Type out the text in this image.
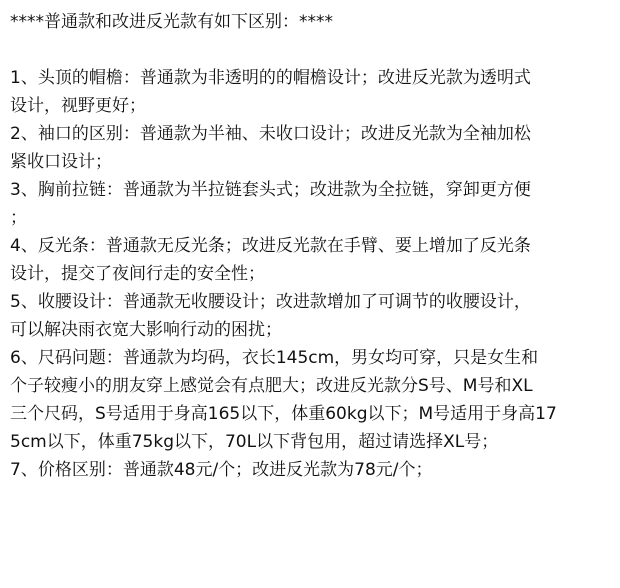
****普通款和改进反光款有如下区别：****
1、头顶的帽檐：普通款为非透明的的帽檐设计；改进反光款为透明式
设计，视野更好；
2、袖口的区别：普通款为半袖、未收口设计；改进反光款为全袖加松
紧收口设计；
3、胸前拉链：普通款为半拉链套头式；改进款为全拉链，穿卸更方便
；
4、反光条：普通款无反光条；改进反光款在手臂、要上增加了反光条
设计，提交了夜间行走的安全性；
5、收腰设计：普通款无收腰设计；改进款增加了可调节的收腰设计，
可以解决雨衣宽大影响行动的困扰；
6、尺码问题：普通款为均码，衣长145cm，男女均可穿，只是女生和
个子较瘦小的朋友穿上感觉会有点肥大；改进反光款分S号、M号和XL
三个尺码，S号适用于身高165以下，体重60kg以下；M号适用于身高17
5cm以下，体重75kg以下，70L以下背包用，超过请选择XL号；
7、价格区别：普通款48元/个；改进反光款为78元/个；
